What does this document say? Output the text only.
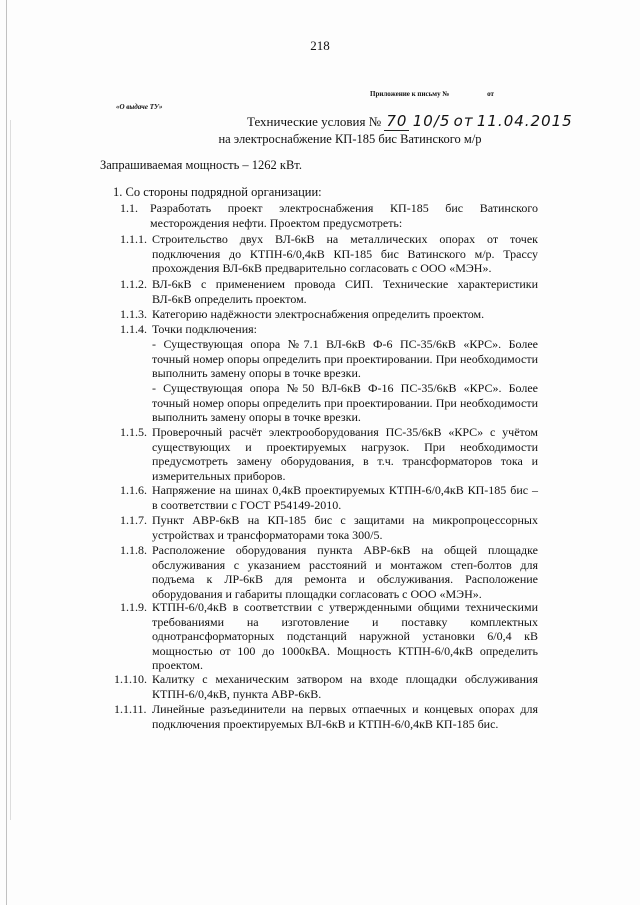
218
Приложение к письму №	от
«О выдаче ТУ»
Технические условия № 70 10/5 от 11.04.2015
на электроснабжение КП-185 бис Ватинского м/р
Запрашиваемая мощность – 1262 кВт.
1. Со стороны подрядной организации:
1.1. Разработать проект электроснабжения КП-185 бис Ватинского месторождения нефти. Проектом предусмотреть:
1.1.1. Строительство двух ВЛ-6кВ на металлических опорах от точек подключения до КТПН-6/0,4кВ КП-185 бис Ватинского м/р. Трассу прохождения ВЛ-6кВ предварительно согласовать с ООО «МЭН».
1.1.2. ВЛ-6кВ с применением провода СИП. Технические характеристики ВЛ-6кВ определить проектом.
1.1.3. Категорию надёжности электроснабжения определить проектом.
1.1.4. Точки подключения:
- Существующая опора №7.1 ВЛ-6кВ Ф-6 ПС-35/6кВ «КРС». Более точный номер опоры определить при проектировании. При необходимости выполнить замену опоры в точке врезки.
- Существующая опора №50 ВЛ-6кВ Ф-16 ПС-35/6кВ «КРС». Более точный номер опоры определить при проектировании. При необходимости выполнить замену опоры в точке врезки.
1.1.5. Проверочный расчёт электрооборудования ПС-35/6кВ «КРС» с учётом существующих и проектируемых нагрузок. При необходимости предусмотреть замену оборудования, в т.ч. трансформаторов тока и измерительных приборов.
1.1.6. Напряжение на шинах 0,4кВ проектируемых КТПН-6/0,4кВ КП-185 бис – в соответствии с ГОСТ Р54149-2010.
1.1.7. Пункт АВР-6кВ на КП-185 бис с защитами на микропроцессорных устройствах и трансформаторами тока 300/5.
1.1.8. Расположение оборудования пункта АВР-6кВ на общей площадке обслуживания с указанием расстояний и монтажом степ-болтов для подъема к ЛР-6кВ для ремонта и обслуживания. Расположение оборудования и габариты площадки согласовать с ООО «МЭН».
1.1.9. КТПН-6/0,4кВ в соответствии с утвержденными общими техническими требованиями на изготовление и поставку комплектных однотрансформаторных подстанций наружной установки 6/0,4 кВ мощностью от 100 до 1000кВА. Мощность КТПН-6/0,4кВ определить проектом.
1.1.10. Калитку с механическим затвором на входе площадки обслуживания КТПН-6/0,4кВ, пункта АВР-6кВ.
1.1.11. Линейные разъединители на первых отпаечных и концевых опорах для подключения проектируемых ВЛ-6кВ и КТПН-6/0,4кВ КП-185 бис.
